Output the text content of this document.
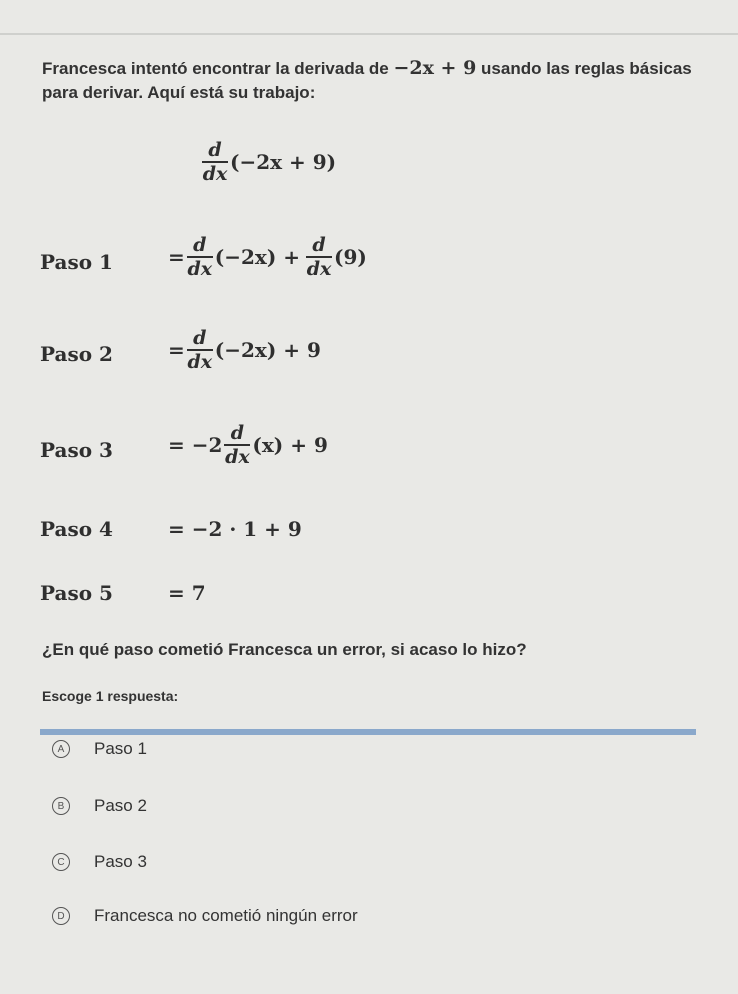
Francesca intentó encontrar la derivada de −2x + 9 usando las reglas básicas para derivar. Aquí está su trabajo:
$\frac{d}{dx} (-2x + 9)$
Paso 1	= $\frac{d}{dx} (-2x) + \frac{d}{dx} (9)$
Paso 2	= $\frac{d}{dx} (-2x) + 9$
Paso 3	= $-2 \frac{d}{dx} (x) + 9$
Paso 4	= −2 · 1 + 9
Paso 5	= 7
¿En qué paso cometió Francesca un error, si acaso lo hizo?
Escoge 1 respuesta:
A	Paso 1
B	Paso 2
C	Paso 3
D	Francesca no cometió ningún error
